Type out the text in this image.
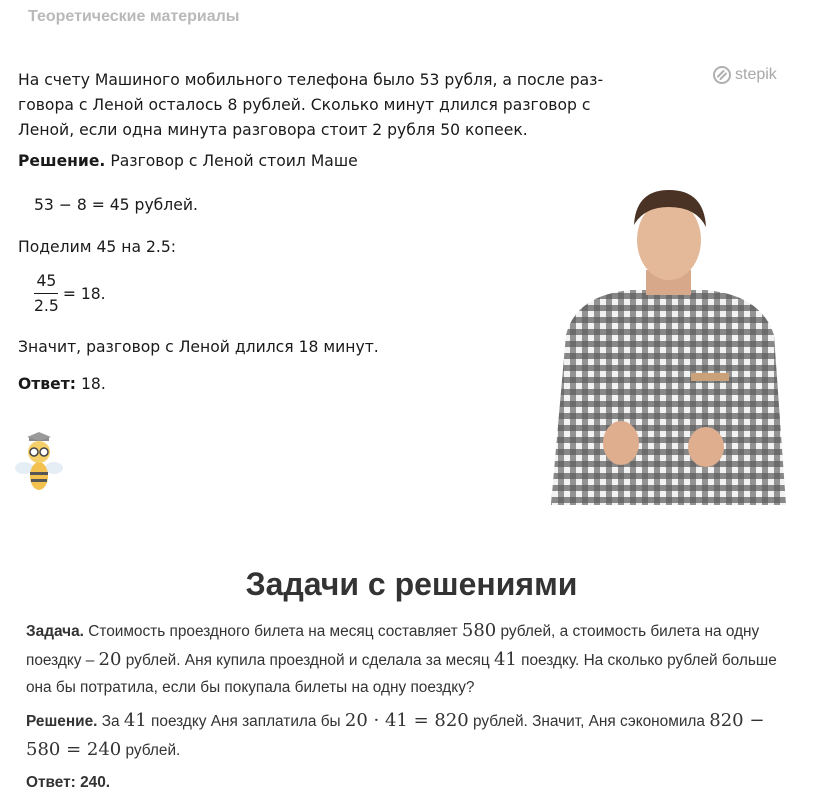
Теоретические материалы
На счету Машиного мобильного телефона было 53 рубля, а после раз-говора с Леной осталось 8 рублей. Сколько минут длился разговор с Леной, если одна минута разговора стоит 2 рубля 50 копеек.
Решение. Разговор с Леной стоил Маше
53 − 8 = 45 рублей.
Поделим 45 на 2.5:
$\frac{45}{2.5} = 18$.
Значит, разговор с Леной длился 18 минут.
Ответ: 18.
stepik
Задачи с решениями
Задача. Стоимость проездного билета на месяц составляет 580 рублей, а стоимость билета на одну поездку – 20 рублей. Аня купила проездной и сделала за месяц 41 поездку. На сколько рублей больше она бы потратила, если бы покупала билеты на одну поездку?
Решение. За 41 поездку Аня заплатила бы 20 · 41 = 820 рублей. Значит, Аня сэкономила 820 − 580 = 240 рублей.
Ответ: 240.
